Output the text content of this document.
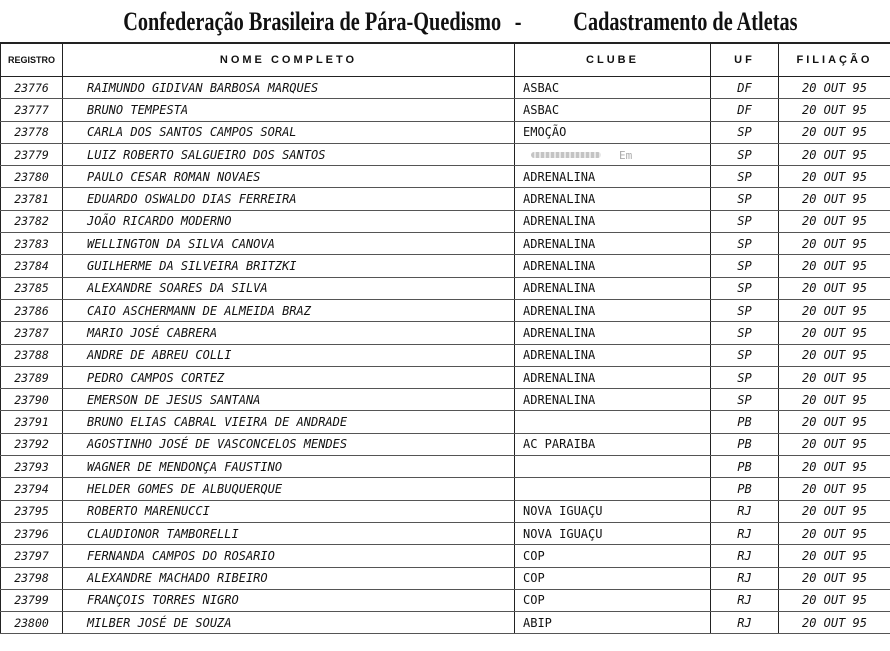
Confederação Brasileira de Pára-Quedismo - Cadastramento de Atletas
REGISTRO	NOME COMPLETO	CLUBE	UF	FILIAÇÃO
23776	RAIMUNDO GIDIVAN BARBOSA MARQUES	ASBAC	DF	20 OUT 95
23777	BRUNO TEMPESTA	ASBAC	DF	20 OUT 95
23778	CARLA DOS SANTOS CAMPOS SORAL	EMOÇÃO	SP	20 OUT 95
23779	LUIZ ROBERTO SALGUEIRO DOS SANTOS	Em	SP	20 OUT 95
23780	PAULO CESAR ROMAN NOVAES	ADRENALINA	SP	20 OUT 95
23781	EDUARDO OSWALDO DIAS FERREIRA	ADRENALINA	SP	20 OUT 95
23782	JOÃO RICARDO MODERNO	ADRENALINA	SP	20 OUT 95
23783	WELLINGTON DA SILVA CANOVA	ADRENALINA	SP	20 OUT 95
23784	GUILHERME DA SILVEIRA BRITZKI	ADRENALINA	SP	20 OUT 95
23785	ALEXANDRE SOARES DA SILVA	ADRENALINA	SP	20 OUT 95
23786	CAIO ASCHERMANN DE ALMEIDA BRAZ	ADRENALINA	SP	20 OUT 95
23787	MARIO JOSÉ CABRERA	ADRENALINA	SP	20 OUT 95
23788	ANDRE DE ABREU COLLI	ADRENALINA	SP	20 OUT 95
23789	PEDRO CAMPOS CORTEZ	ADRENALINA	SP	20 OUT 95
23790	EMERSON DE JESUS SANTANA	ADRENALINA	SP	20 OUT 95
23791	BRUNO ELIAS CABRAL VIEIRA DE ANDRADE		PB	20 OUT 95
23792	AGOSTINHO JOSÉ DE VASCONCELOS MENDES	AC PARAIBA	PB	20 OUT 95
23793	WAGNER DE MENDONÇA FAUSTINO		PB	20 OUT 95
23794	HELDER GOMES DE ALBUQUERQUE		PB	20 OUT 95
23795	ROBERTO MARENUCCI	NOVA IGUAÇU	RJ	20 OUT 95
23796	CLAUDIONOR TAMBORELLI	NOVA IGUAÇU	RJ	20 OUT 95
23797	FERNANDA CAMPOS DO ROSARIO	COP	RJ	20 OUT 95
23798	ALEXANDRE MACHADO RIBEIRO	COP	RJ	20 OUT 95
23799	FRANÇOIS TORRES NIGRO	COP	RJ	20 OUT 95
23800	MILBER JOSÉ DE SOUZA	ABIP	RJ	20 OUT 95
